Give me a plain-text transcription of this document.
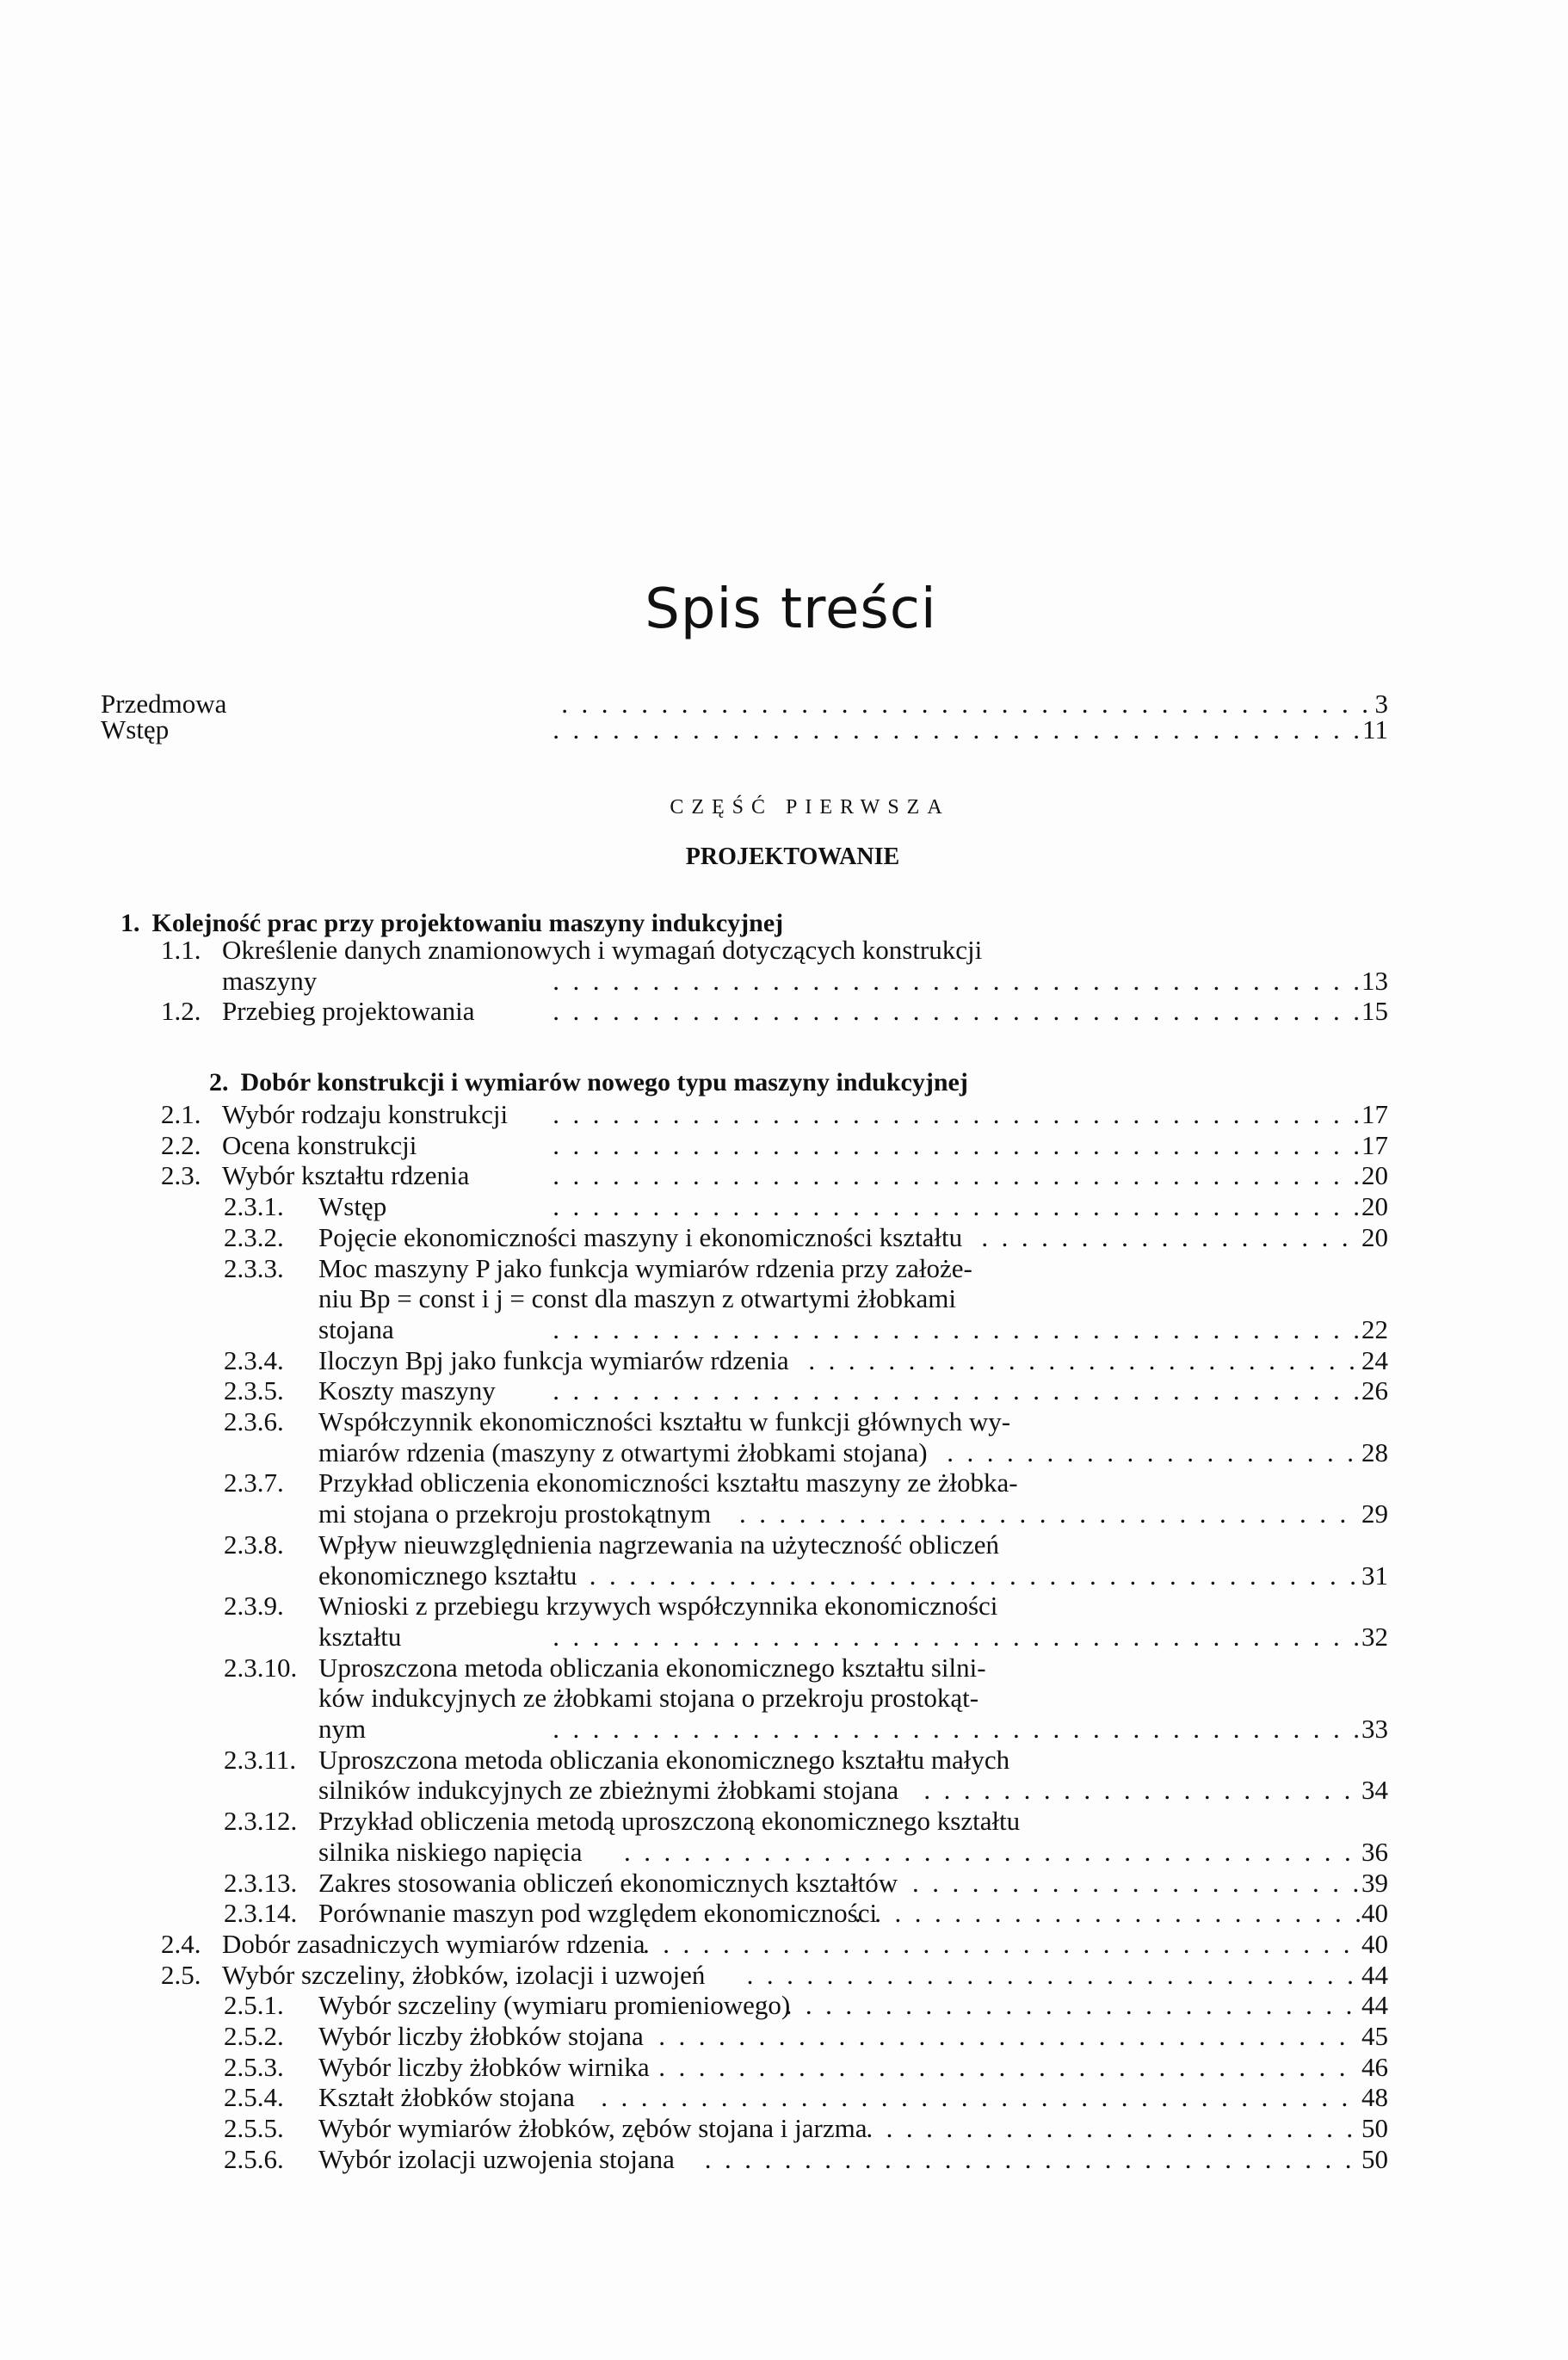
Spis treści
Przedmowa . .	3
Wstęp . .	11
CZĘŚĆ PIERWSZA
PROJEKTOWANIE
1. Kolejność prac przy projektowaniu maszyny indukcyjnej
1.1. Określenie danych znamionowych i wymagań dotyczących konstrukcji
maszyny . .	13
1.2. Przebieg projektowania . .	15
2. Dobór konstrukcji i wymiarów nowego typu maszyny indukcyjnej
2.1. Wybór rodzaju konstrukcji . .	17
2.2. Ocena konstrukcji . .	17
2.3. Wybór kształtu rdzenia . .	20
2.3.1. Wstęp . .	20
2.3.2. Pojęcie ekonomiczności maszyny i ekonomiczności kształtu . .	20
2.3.3. Moc maszyny P jako funkcja wymiarów rdzenia przy założe-
niu Bp = const i j = const dla maszyn z otwartymi żłobkami
stojana . .	22
2.3.4. Iloczyn Bpj jako funkcja wymiarów rdzenia . .	24
2.3.5. Koszty maszyny . .	26
2.3.6. Współczynnik ekonomiczności kształtu w funkcji głównych wy-
miarów rdzenia (maszyny z otwartymi żłobkami stojana) . .	28
2.3.7. Przykład obliczenia ekonomiczności kształtu maszyny ze żłobka-
mi stojana o przekroju prostokątnym . .	29
2.3.8. Wpływ nieuwzględnienia nagrzewania na użyteczność obliczeń
ekonomicznego kształtu . .	31
2.3.9. Wnioski z przebiegu krzywych współczynnika ekonomiczności
kształtu . .	32
2.3.10. Uproszczona metoda obliczania ekonomicznego kształtu silni-
ków indukcyjnych ze żłobkami stojana o przekroju prostokąt-
nym . .	33
2.3.11. Uproszczona metoda obliczania ekonomicznego kształtu małych
silników indukcyjnych ze zbieżnymi żłobkami stojana . .	34
2.3.12. Przykład obliczenia metodą uproszczoną ekonomicznego kształtu
silnika niskiego napięcia . .	36
2.3.13. Zakres stosowania obliczeń ekonomicznych kształtów . .	39
2.3.14. Porównanie maszyn pod względem ekonomiczności . .	40
2.4. Dobór zasadniczych wymiarów rdzenia . .	40
2.5. Wybór szczeliny, żłobków, izolacji i uzwojeń . .	44
2.5.1. Wybór szczeliny (wymiaru promieniowego) . .	44
2.5.2. Wybór liczby żłobków stojana . .	45
2.5.3. Wybór liczby żłobków wirnika . .	46
2.5.4. Kształt żłobków stojana . .	48
2.5.5. Wybór wymiarów żłobków, zębów stojana i jarzma . .	50
2.5.6. Wybór izolacji uzwojenia stojana . .	50
